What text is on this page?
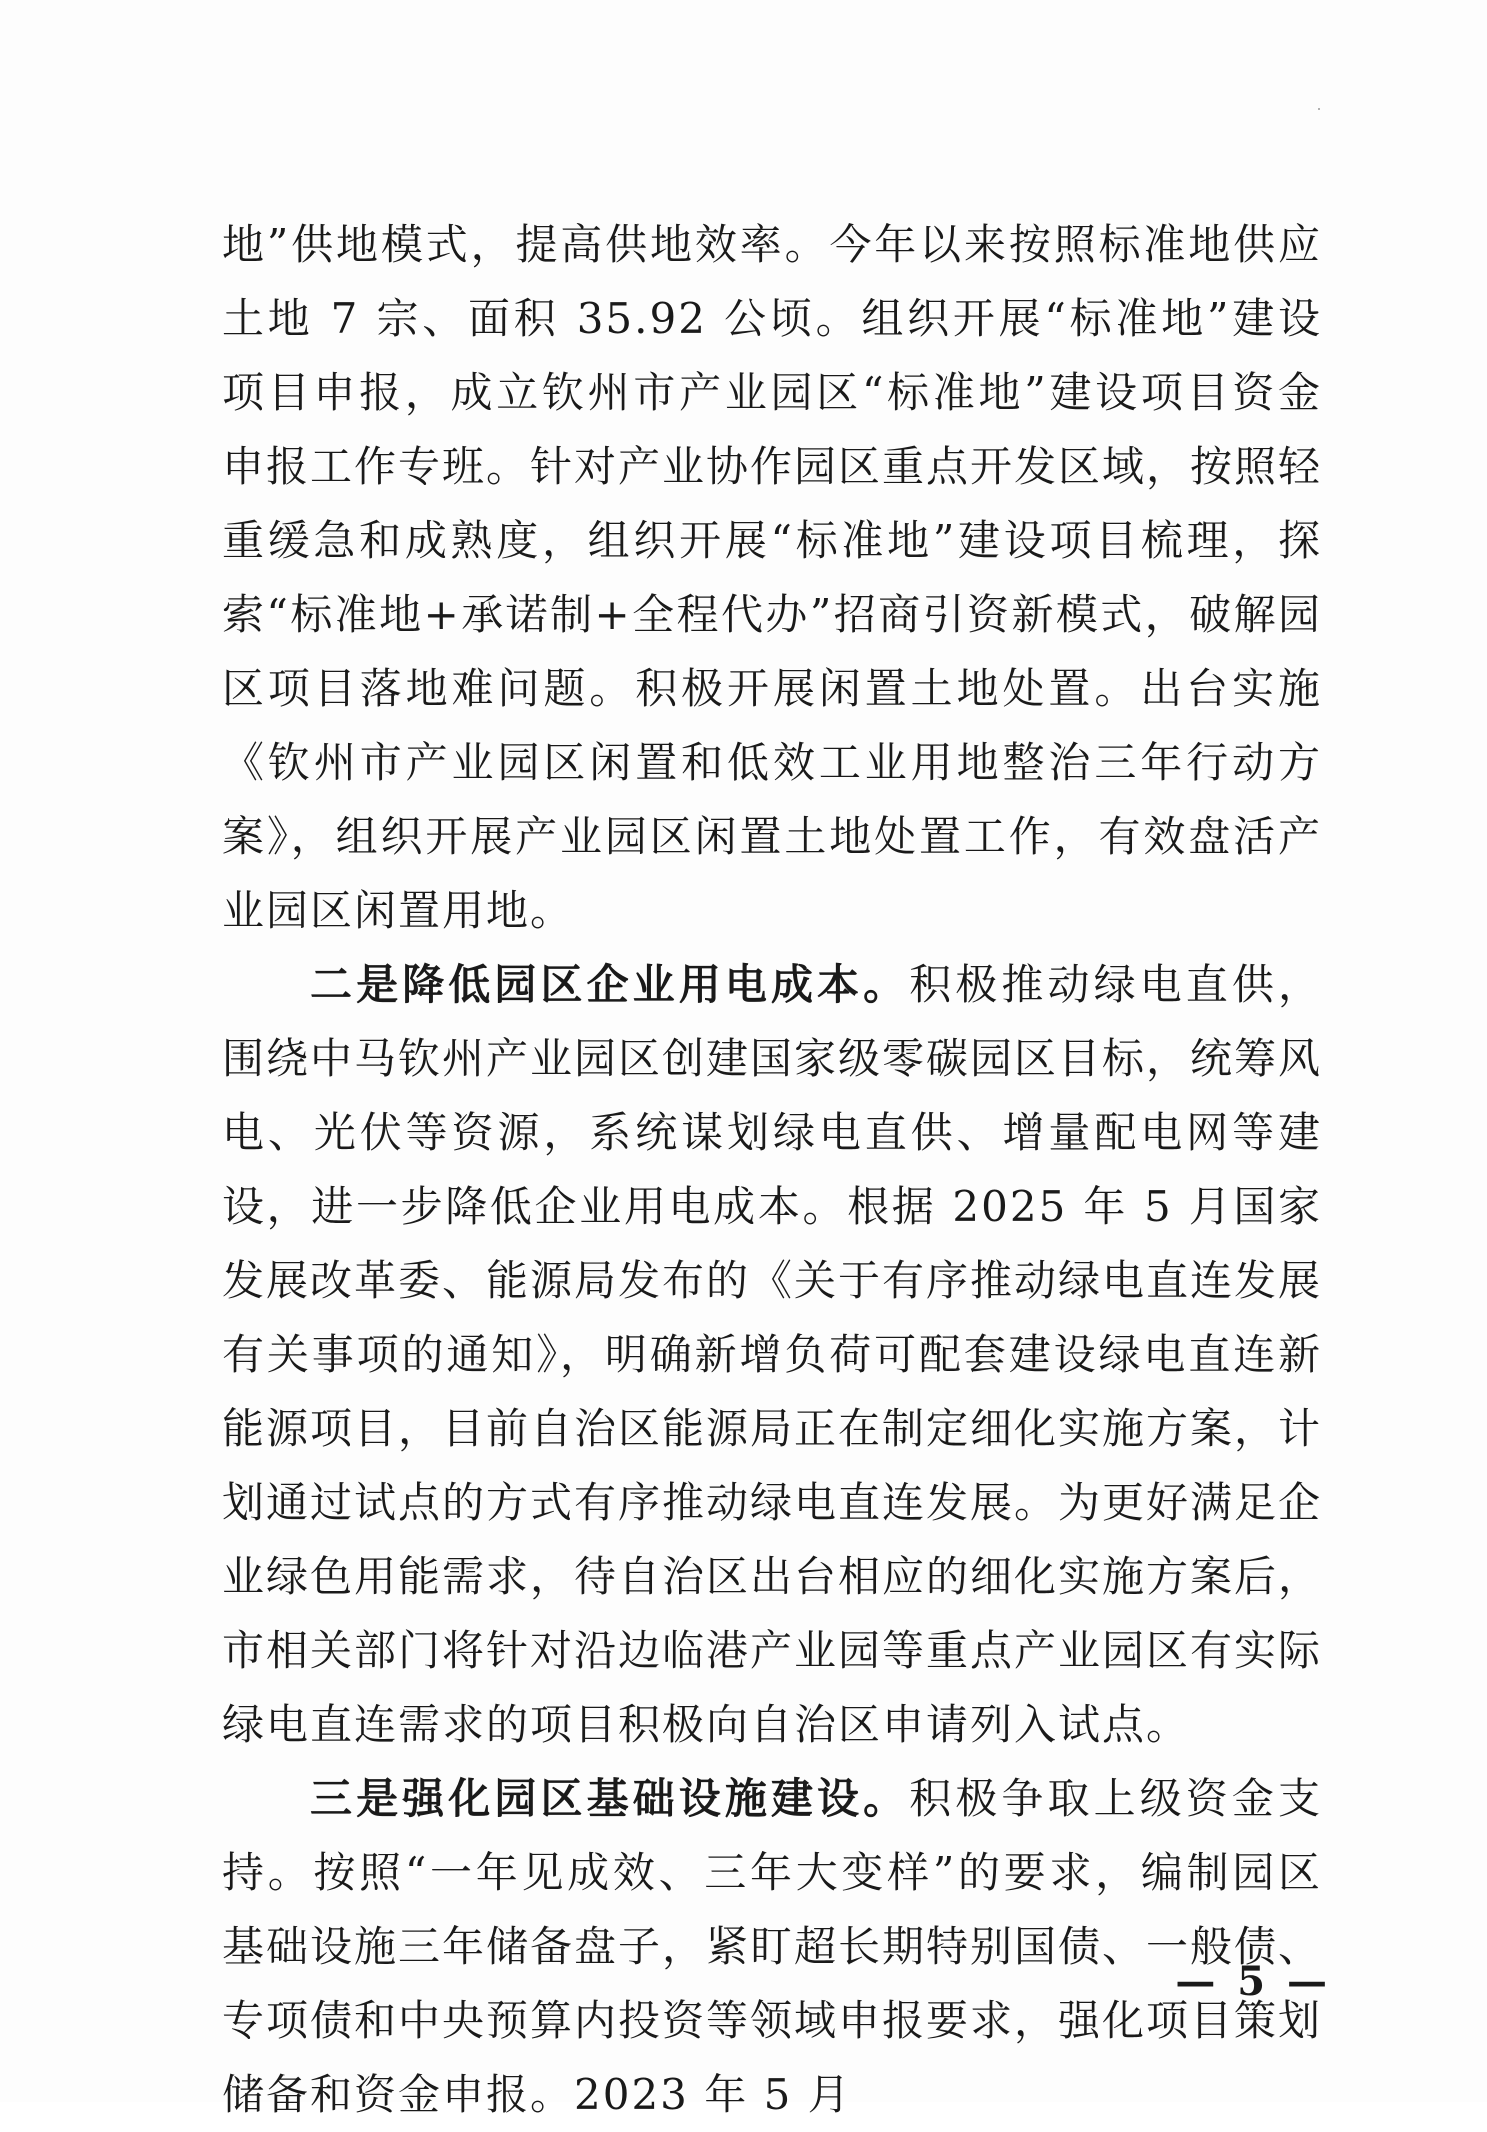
地”供地模式，提高供地效率。今年以来按照标准地供应土地 7 宗、面积 35.92 公顷。组织开展“标准地”建设项目申报，成立钦州市产业园区“标准地”建设项目资金申报工作专班。针对产业协作园区重点开发区域，按照轻重缓急和成熟度，组织开展“标准地”建设项目梳理，探索“标准地+承诺制+全程代办”招商引资新模式，破解园区项目落地难问题。积极开展闲置土地处置。出台实施《钦州市产业园区闲置和低效工业用地整治三年行动方案》，组织开展产业园区闲置土地处置工作，有效盘活产业园区闲置用地。

二是降低园区企业用电成本。积极推动绿电直供，围绕中马钦州产业园区创建国家级零碳园区目标，统筹风电、光伏等资源，系统谋划绿电直供、增量配电网等建设，进一步降低企业用电成本。根据 2025 年 5 月国家发展改革委、能源局发布的《关于有序推动绿电直连发展有关事项的通知》，明确新增负荷可配套建设绿电直连新能源项目，目前自治区能源局正在制定细化实施方案，计划通过试点的方式有序推动绿电直连发展。为更好满足企业绿色用能需求，待自治区出台相应的细化实施方案后，市相关部门将针对沿边临港产业园等重点产业园区有实际绿电直连需求的项目积极向自治区申请列入试点。

三是强化园区基础设施建设。积极争取上级资金支持。按照“一年见成效、三年大变样”的要求，编制园区基础设施三年储备盘子，紧盯超长期特别国债、一般债、专项债和中央预算内投资等领域申报要求，强化项目策划储备和资金申报。2023 年 5 月

— 5 —
